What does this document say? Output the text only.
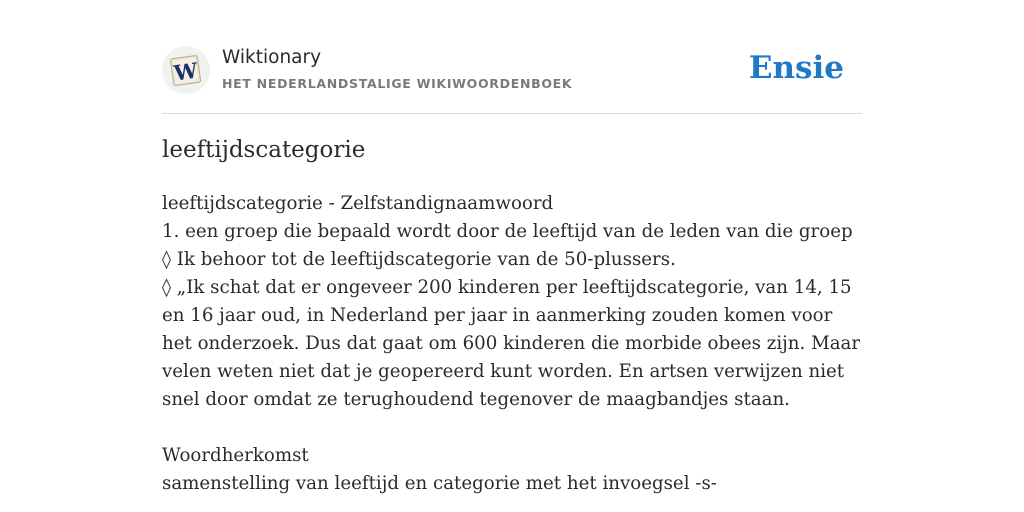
W
Wiktionary
HET NEDERLANDSTALIGE WIKIWOORDENBOEK	Ensie
leeftijdscategorie

leeftijdscategorie - Zelfstandignaamwoord

1. een groep die bepaald wordt door de leeftijd van de leden van die groep

◊ Ik behoor tot de leeftijdscategorie van de 50-plussers.

◊ „Ik schat dat er ongeveer 200 kinderen per leeftijdscategorie, van 14, 15 en 16 jaar oud, in Nederland per jaar in aanmerking zouden komen voor het onderzoek. Dus dat gaat om 600 kinderen die morbide obees zijn. Maar velen weten niet dat je geopereerd kunt worden. En artsen verwijzen niet snel door omdat ze terughoudend tegenover de maagbandjes staan.

Woordherkomst

samenstelling van leeftijd en categorie met het invoegsel -s-
